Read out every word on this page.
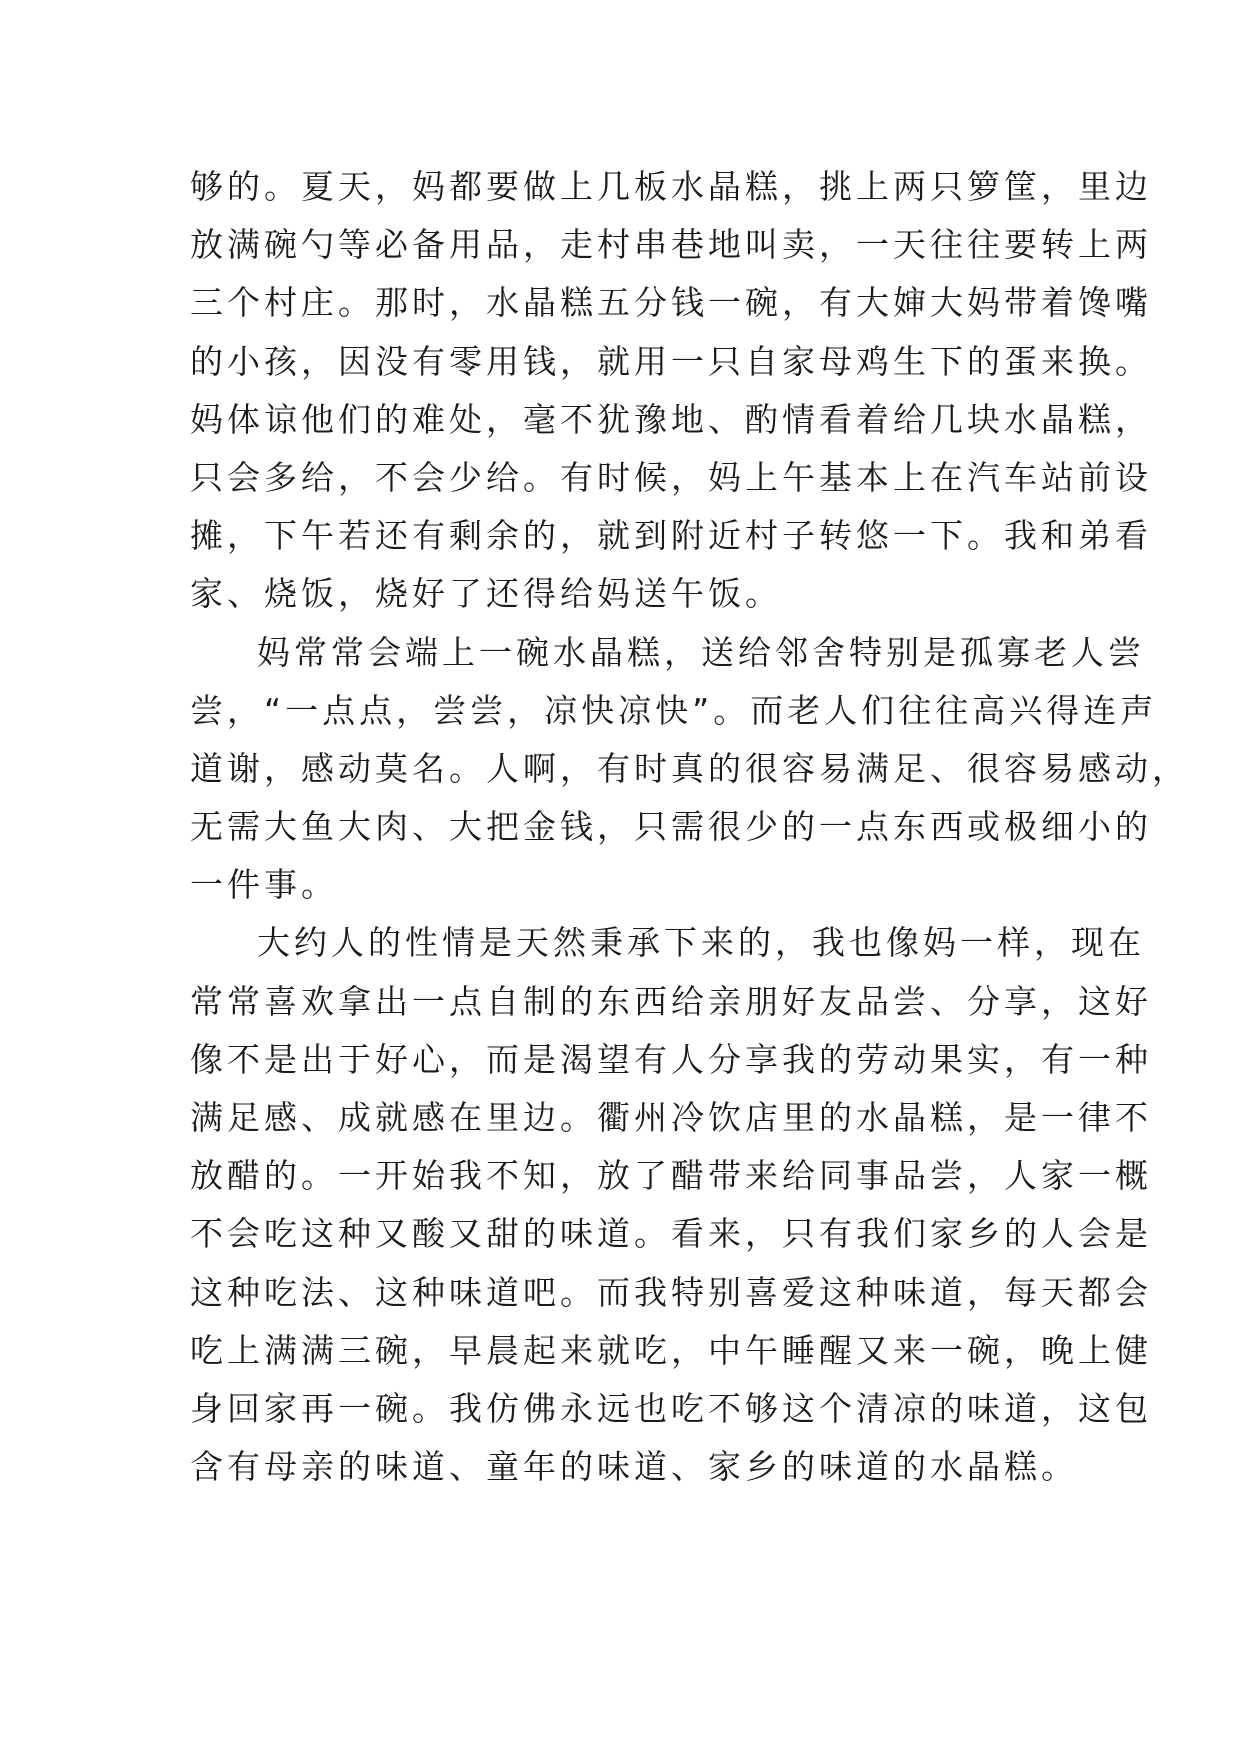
够的。夏天，妈都要做上几板水晶糕，挑上两只箩筐，里边
放满碗勺等必备用品，走村串巷地叫卖，一天往往要转上两
三个村庄。那时，水晶糕五分钱一碗，有大婶大妈带着馋嘴
的小孩，因没有零用钱，就用一只自家母鸡生下的蛋来换。
妈体谅他们的难处，毫不犹豫地、酌情看着给几块水晶糕，
只会多给，不会少给。有时候，妈上午基本上在汽车站前设
摊，下午若还有剩余的，就到附近村子转悠一下。我和弟看
家、烧饭，烧好了还得给妈送午饭。
妈常常会端上一碗水晶糕，送给邻舍特别是孤寡老人尝
尝，“一点点，尝尝，凉快凉快”。而老人们往往高兴得连声
道谢，感动莫名。人啊，有时真的很容易满足、很容易感动，
无需大鱼大肉、大把金钱，只需很少的一点东西或极细小的
一件事。
大约人的性情是天然秉承下来的，我也像妈一样，现在
常常喜欢拿出一点自制的东西给亲朋好友品尝、分享，这好
像不是出于好心，而是渴望有人分享我的劳动果实，有一种
满足感、成就感在里边。衢州冷饮店里的水晶糕，是一律不
放醋的。一开始我不知，放了醋带来给同事品尝，人家一概
不会吃这种又酸又甜的味道。看来，只有我们家乡的人会是
这种吃法、这种味道吧。而我特别喜爱这种味道，每天都会
吃上满满三碗，早晨起来就吃，中午睡醒又来一碗，晚上健
身回家再一碗。我仿佛永远也吃不够这个清凉的味道，这包
含有母亲的味道、童年的味道、家乡的味道的水晶糕。
